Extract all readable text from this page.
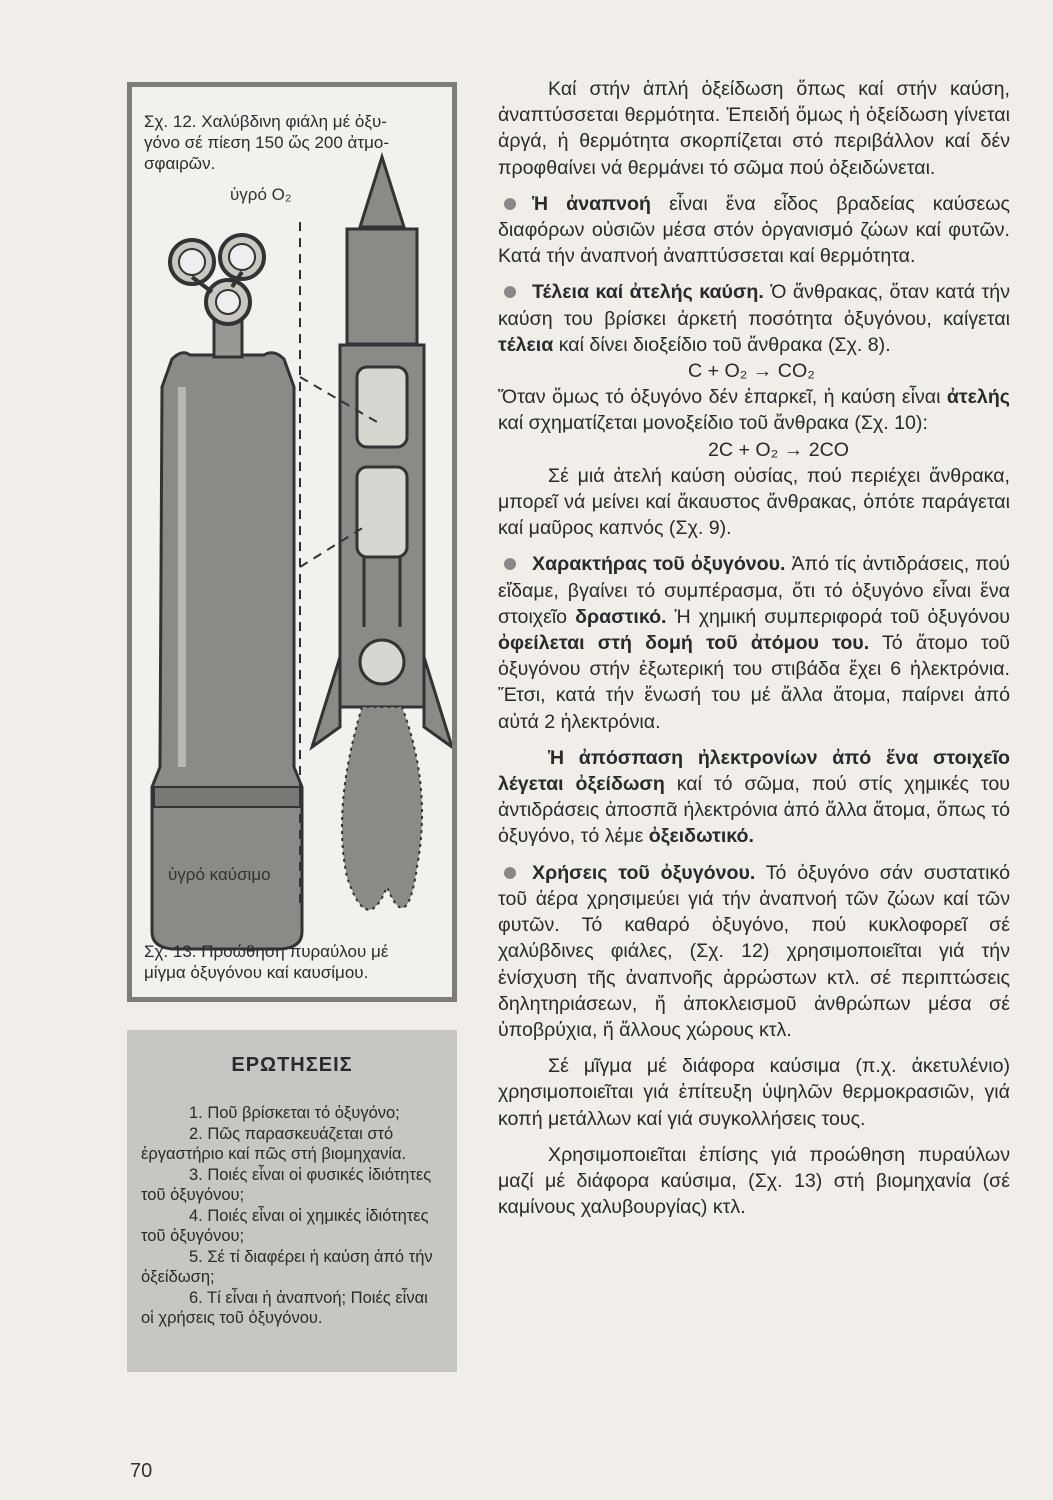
Σχ. 12. Χαλύβδινη φιάλη μέ ὀξυ-
γόνο σέ πίεση 150 ὥς 200 ἀτμο-
σφαιρῶν.
ὑγρό O₂
ὑγρό καύσιμο
Σχ. 13. Προώθηση πυραύλου μέ
μίγμα ὀξυγόνου καί καυσίμου.
ΕΡΩΤΗΣΕΙΣ
1. Ποῦ βρίσκεται τό ὀξυγόνο;
2. Πῶς παρασκευάζεται στό ἐργαστήριο καί πῶς στή βιομηχανία.
3. Ποιές εἶναι οἱ φυσικές ἰδιότητες τοῦ ὀξυγόνου;
4. Ποιές εἶναι οἱ χημικές ἰδιότητες τοῦ ὀξυγόνου;
5. Σέ τί διαφέρει ἡ καύση ἀπό τήν ὀξείδωση;
6. Τί εἶναι ἡ ἀναπνοή; Ποιές εἶναι οἱ χρήσεις τοῦ ὀξυγόνου.

Καί στήν ἁπλή ὀξείδωση ὅπως καί στήν καύση, ἀναπτύσσεται θερμότητα. Ἐπειδή ὅμως ἡ ὀξείδωση γίνεται ἀργά, ἡ θερμότητα σκορπίζεται στό περιβάλλον καί δέν προφθαίνει νά θερμάνει τό σῶμα πού ὀξειδώνεται.

Ἡ ἀναπνοή εἶναι ἕνα εἶδος βραδείας καύσεως διαφόρων οὐσιῶν μέσα στόν ὀργανισμό ζώων καί φυτῶν. Κατά τήν ἀναπνοή ἀναπτύσσεται καί θερμότητα.

Τέλεια καί ἀτελής καύση. Ὁ ἄνθρακας, ὅταν κατά τήν καύση του βρίσκει ἀρκετή ποσότητα ὀξυγόνου, καίγεται τέλεια καί δίνει διοξείδιο τοῦ ἄνθρακα (Σχ. 8).

C + O₂ → CO₂

Ὅταν ὅμως τό ὀξυγόνο δέν ἐπαρκεῖ, ἡ καύση εἶναι ἀτελής καί σχηματίζεται μονοξείδιο τοῦ ἄνθρακα (Σχ. 10):

2C + O₂ → 2CO

Σέ μιά ἀτελή καύση οὐσίας, πού περιέχει ἄνθρακα, μπορεῖ νά μείνει καί ἄκαυστος ἄνθρακας, ὁπότε παράγεται καί μαῦρος καπνός (Σχ. 9).

Χαρακτήρας τοῦ ὀξυγόνου. Ἀπό τίς ἀντιδράσεις, πού εἴδαμε, βγαίνει τό συμπέρασμα, ὅτι τό ὀξυγόνο εἶναι ἕνα στοιχεῖο δραστικό. Ἡ χημική συμπεριφορά τοῦ ὀξυγόνου ὀφείλεται στή δομή τοῦ ἀτόμου του. Τό ἄτομο τοῦ ὀξυγόνου στήν ἐξωτερική του στιβάδα ἔχει 6 ἠλεκτρόνια. Ἔτσι, κατά τήν ἕνωσή του μέ ἄλλα ἄτομα, παίρνει ἀπό αὐτά 2 ἠλεκτρόνια.

Ἡ ἀπόσπαση ἠλεκτρονίων ἀπό ἕνα στοιχεῖο λέγεται ὀξείδωση καί τό σῶμα, πού στίς χημικές του ἀντιδράσεις ἀποσπᾶ ἠλεκτρόνια ἀπό ἄλλα ἄτομα, ὅπως τό ὀξυγόνο, τό λέμε ὀξειδωτικό.

Χρήσεις τοῦ ὀξυγόνου. Τό ὀξυγόνο σάν συστατικό τοῦ ἀέρα χρησιμεύει γιά τήν ἀναπνοή τῶν ζώων καί τῶν φυτῶν. Τό καθαρό ὀξυγόνο, πού κυκλοφορεῖ σέ χαλύβδινες φιάλες, (Σχ. 12) χρησιμοποιεῖται γιά τήν ἐνίσχυση τῆς ἀναπνοῆς ἀρρώστων κτλ. σέ περιπτώσεις δηλητηριάσεων, ἤ ἀποκλεισμοῦ ἀνθρώπων μέσα σέ ὑποβρύχια, ἤ ἄλλους χώρους κτλ.

Σέ μῖγμα μέ διάφορα καύσιμα (π.χ. ἀκετυλένιο) χρησιμοποιεῖται γιά ἐπίτευξη ὑψηλῶν θερμοκρασιῶν, γιά κοπή μετάλλων καί γιά συγκολλήσεις τους.

Χρησιμοποιεῖται ἐπίσης γιά προώθηση πυραύλων μαζί μέ διάφορα καύσιμα, (Σχ. 13) στή βιομηχανία (σέ καμίνους χαλυβουργίας) κτλ.

70
